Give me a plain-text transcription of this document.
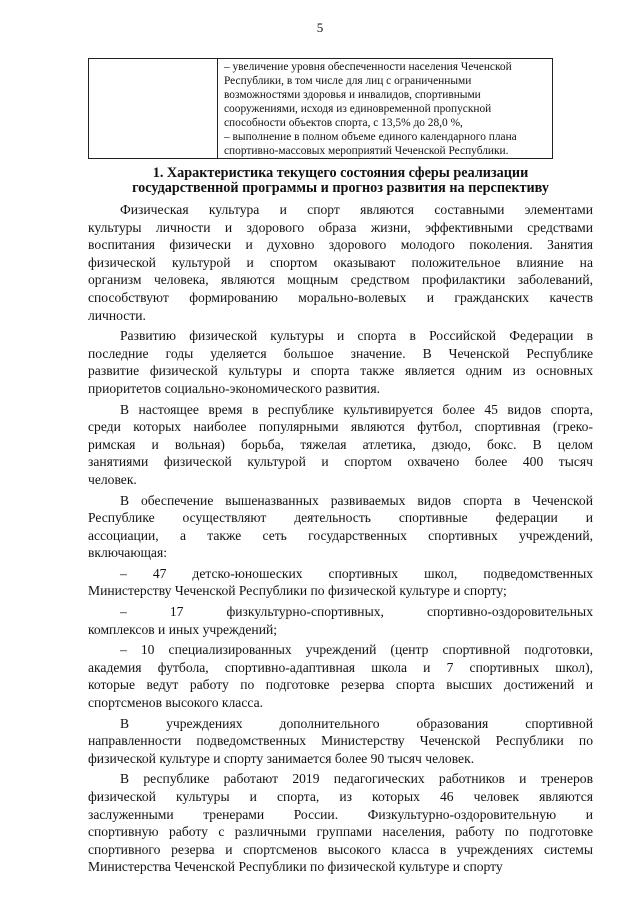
5

– увеличение уровня обеспеченности населения Чеченской
Республики, в том числе для лиц с ограниченными
возможностями здоровья и инвалидов, спортивными
сооружениями, исходя из единовременной пропускной
способности объектов спорта, с 13,5% до 28,0 %,
– выполнение в полном объеме единого календарного плана
спортивно-массовых мероприятий Чеченской Республики.
1. Характеристика текущего состояния сферы реализации
государственной программы и прогноз развития на перспективу

Физическая культура и спорт являются составными элементами
культуры личности и здорового образа жизни, эффективными средствами
воспитания физически и духовно здорового молодого поколения. Занятия
физической культурой и спортом оказывают положительное влияние на
организм человека, являются мощным средством профилактики заболеваний,
способствуют формированию морально-волевых и гражданских качеств
личности.

Развитию физической культуры и спорта в Российской Федерации в
последние годы уделяется большое значение. В Чеченской Республике
развитие физической культуры и спорта также является одним из основных
приоритетов социально-экономического развития.

В настоящее время в республике культивируется более 45 видов спорта,
среди которых наиболее популярными являются футбол, спортивная (греко-
римская и вольная) борьба, тяжелая атлетика, дзюдо, бокс. В целом
занятиями физической культурой и спортом охвачено более 400 тысяч
человек.

В обеспечение вышеназванных развиваемых видов спорта в Чеченской
Республике осуществляют деятельность спортивные федерации и
ассоциации, а также сеть государственных спортивных учреждений,
включающая:

– 47 детско-юношеских спортивных школ, подведомственных
Министерству Чеченской Республики по физической культуре и спорту;

– 17 физкультурно-спортивных, спортивно-оздоровительных
комплексов и иных учреждений;

– 10 специализированных учреждений (центр спортивной подготовки,
академия футбола, спортивно-адаптивная школа и 7 спортивных школ),
которые ведут работу по подготовке резерва спорта высших достижений и
спортсменов высокого класса.

В учреждениях дополнительного образования спортивной
направленности подведомственных Министерству Чеченской Республики по
физической культуре и спорту занимается более 90 тысяч человек.

В республике работают 2019 педагогических работников и тренеров
физической культуры и спорта, из которых 46 человек являются
заслуженными тренерами России. Физкультурно-оздоровительную и
спортивную работу с различными группами населения, работу по подготовке
спортивного резерва и спортсменов высокого класса в учреждениях системы
Министерства Чеченской Республики по физической культуре и спорту
